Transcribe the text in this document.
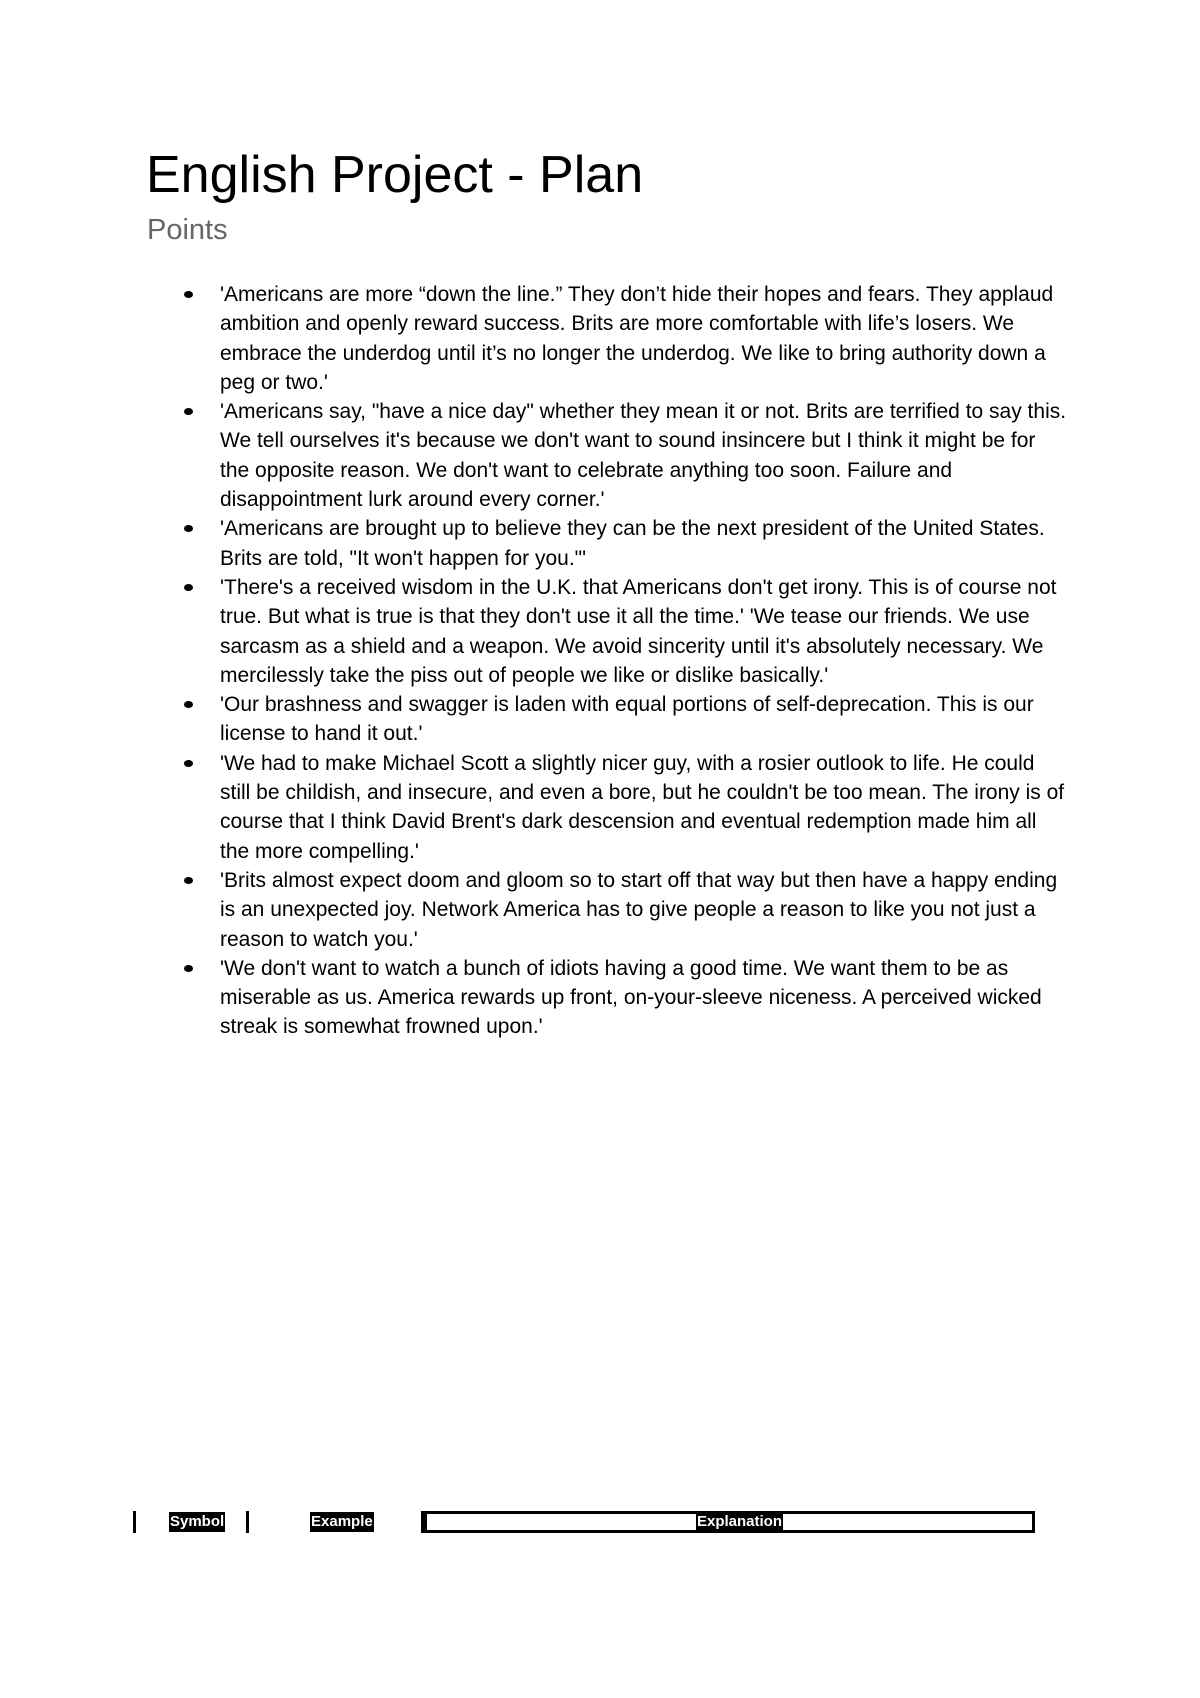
English Project - Plan
Points
'Americans are more “down the line.” They don’t hide their hopes and fears. They applaud ambition and openly reward success. Brits are more comfortable with life’s losers. We embrace the underdog until it’s no longer the underdog. We like to bring authority down a peg or two.'
'Americans say, "have a nice day" whether they mean it or not. Brits are terrified to say this. We tell ourselves it's because we don't want to sound insincere but I think it might be for the opposite reason. We don't want to celebrate anything too soon. Failure and disappointment lurk around every corner.'
'Americans are brought up to believe they can be the next president of the United States. Brits are told, "It won't happen for you."'
'There's a received wisdom in the U.K. that Americans don't get irony. This is of course not true. But what is true is that they don't use it all the time.' 'We tease our friends. We use sarcasm as a shield and a weapon. We avoid sincerity until it's absolutely necessary. We mercilessly take the piss out of people we like or dislike basically.'
'Our brashness and swagger is laden with equal portions of self-deprecation. This is our license to hand it out.'
'We had to make Michael Scott a slightly nicer guy, with a rosier outlook to life. He could still be childish, and insecure, and even a bore, but he couldn't be too mean. The irony is of course that I think David Brent's dark descension and eventual redemption made him all the more compelling.'
'Brits almost expect doom and gloom so to start off that way but then have a happy ending is an unexpected joy. Network America has to give people a reason to like you not just a reason to watch you.'
'We don't want to watch a bunch of idiots having a good time. We want them to be as miserable as us. America rewards up front, on-your-sleeve niceness. A perceived wicked streak is somewhat frowned upon.'
Symbol	Example	Explanation
